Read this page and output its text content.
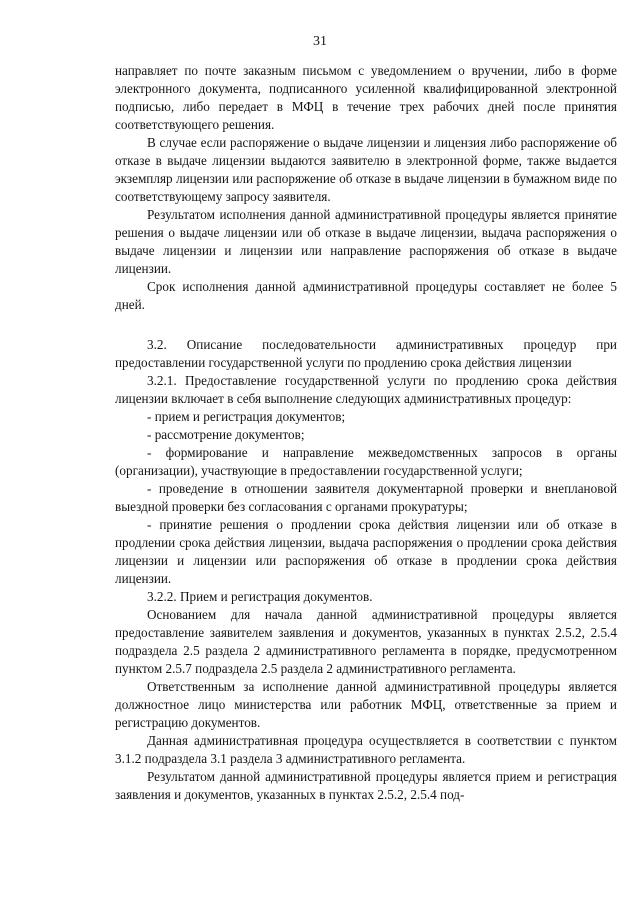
31

направляет по почте заказным письмом с уведомлением о вручении, либо в форме электронного документа, подписанного усиленной квалифицированной электронной подписью, либо передает в МФЦ в течение трех рабочих дней после принятия соответствующего решения.

В случае если распоряжение о выдаче лицензии и лицензия либо распоряжение об отказе в выдаче лицензии выдаются заявителю в электронной форме, также выдается экземпляр лицензии или распоряжение об отказе в выдаче лицензии в бумажном виде по соответствующему запросу заявителя.

Результатом исполнения данной административной процедуры является принятие решения о выдаче лицензии или об отказе в выдаче лицензии, выдача распоряжения о выдаче лицензии и лицензии или направление распоряжения об отказе в выдаче лицензии.

Срок исполнения данной административной процедуры составляет не более 5 дней.

3.2. Описание последовательности административных процедур при предоставлении государственной услуги по продлению срока действия лицензии

3.2.1. Предоставление государственной услуги по продлению срока действия лицензии включает в себя выполнение следующих административных процедур:

- прием и регистрация документов;

- рассмотрение документов;

- формирование и направление межведомственных запросов в органы (организации), участвующие в предоставлении государственной услуги;

- проведение в отношении заявителя документарной проверки и внеплановой выездной проверки без согласования с органами прокуратуры;

- принятие решения о продлении срока действия лицензии или об отказе в продлении срока действия лицензии, выдача распоряжения о продлении срока действия лицензии и лицензии или распоряжения об отказе в продлении срока действия лицензии.

3.2.2. Прием и регистрация документов.

Основанием для начала данной административной процедуры является предоставление заявителем заявления и документов, указанных в пунктах 2.5.2, 2.5.4 подраздела 2.5 раздела 2 административного регламента в порядке, предусмотренном пунктом 2.5.7 подраздела 2.5 раздела 2 административного регламента.

Ответственным за исполнение данной административной процедуры является должностное лицо министерства или работник МФЦ, ответственные за прием и регистрацию документов.

Данная административная процедура осуществляется в соответствии с пунктом 3.1.2 подраздела 3.1 раздела 3 административного регламента.

Результатом данной административной процедуры является прием и регистрация заявления и документов, указанных в пунктах 2.5.2, 2.5.4 под-
